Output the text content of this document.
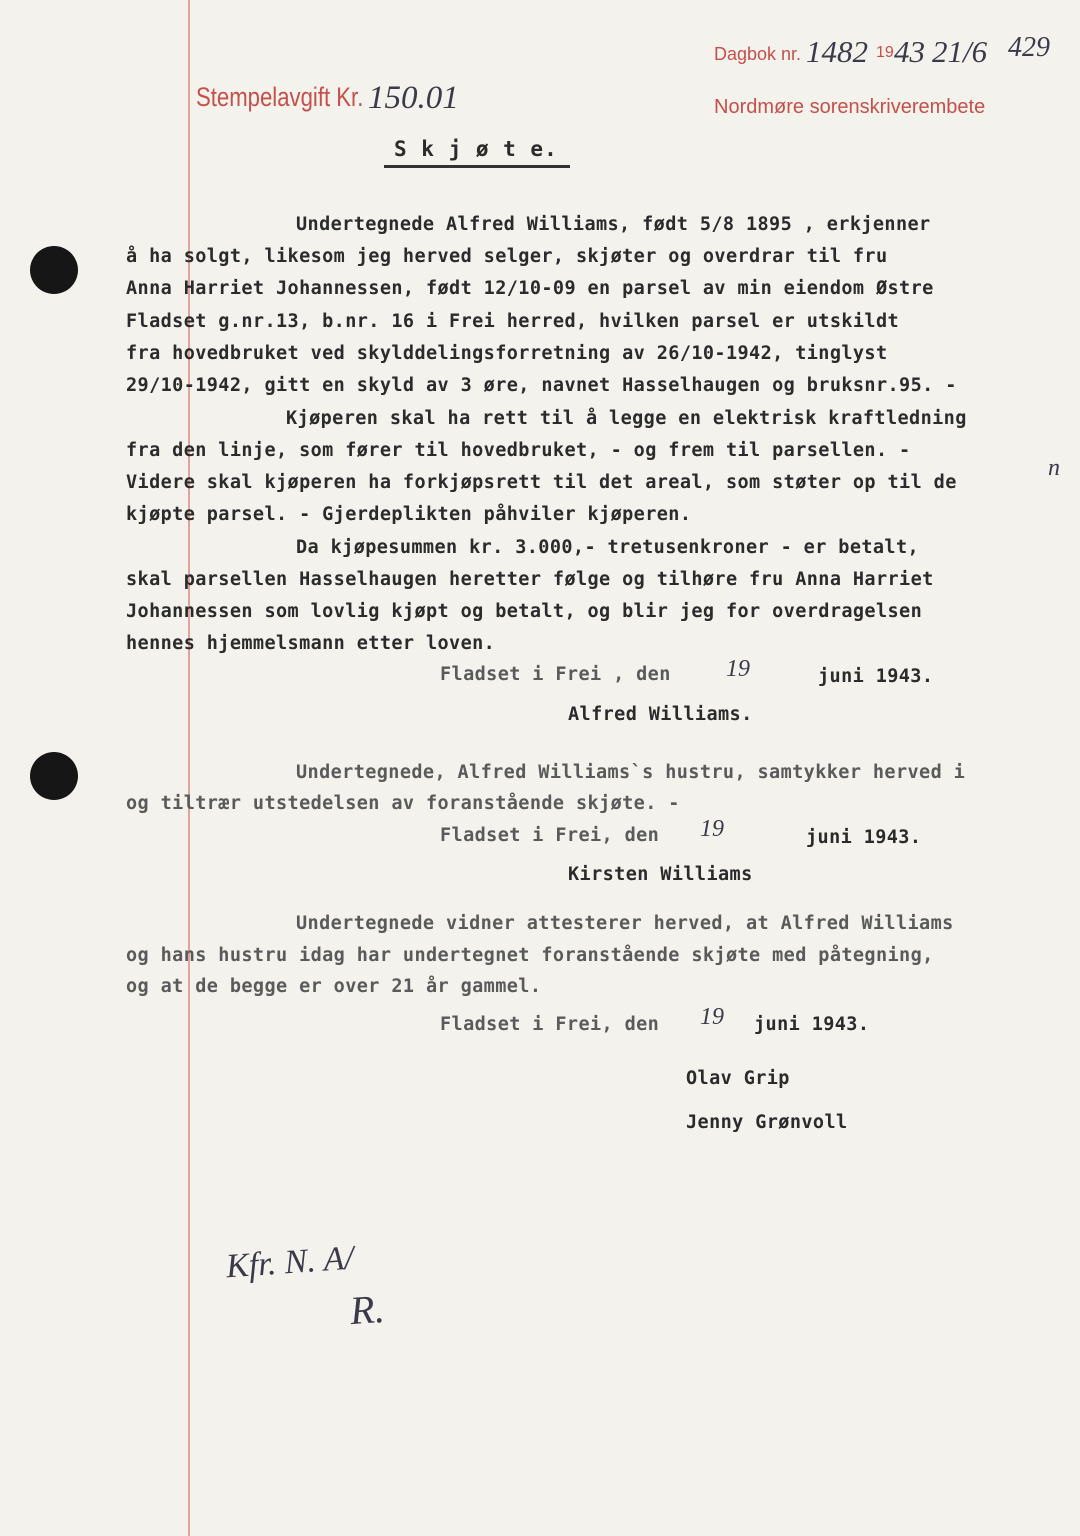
Stempelavgift Kr. 150.01
Dagbok nr. 1482 19 43 21/6
Nordmøre sorenskriverembete
429
S k j ø t e.
Undertegnede Alfred Williams, født 5/8 1895 , erkjenner
å ha solgt, likesom jeg herved selger, skjøter og overdrar til fru
Anna Harriet Johannessen, født 12/10-09 en parsel av min eiendom Østre
Fladset g.nr.13, b.nr. 16 i Frei herred, hvilken parsel er utskildt
fra hovedbruket ved skylddelingsforretning av 26/10-1942, tinglyst
29/10-1942, gitt en skyld av 3 øre, navnet Hasselhaugen og bruksnr.95. -
Kjøperen skal ha rett til å legge en elektrisk kraftledning
fra den linje, som fører til hovedbruket, - og frem til parsellen. -
n
Videre skal kjøperen ha forkjøpsrett til det areal, som støter op til de
kjøpte parsel. - Gjerdeplikten påhviler kjøperen.
Da kjøpesummen kr. 3.000,- tretusenkroner - er betalt,
skal parsellen Hasselhaugen heretter følge og tilhøre fru Anna Harriet
Johannessen som lovlig kjøpt og betalt, og blir jeg for overdragelsen
hennes hjemmelsmann etter loven.
Fladset i Frei , den 19	juni 1943.
Alfred Williams.
Undertegnede, Alfred Williams`s hustru, samtykker herved i
og tiltrær utstedelsen av foranstående skjøte. -
Fladset i Frei, den 19	juni 1943.
Kirsten Williams
Undertegnede vidner attesterer herved, at Alfred Williams
og hans hustru idag har undertegnet foranstående skjøte med påtegning,
og at de begge er over 21 år gammel.
Fladset i Frei, den 19 juni 1943.
Olav Grip
Jenny Grønvoll
Kfr. N. A/
R.
